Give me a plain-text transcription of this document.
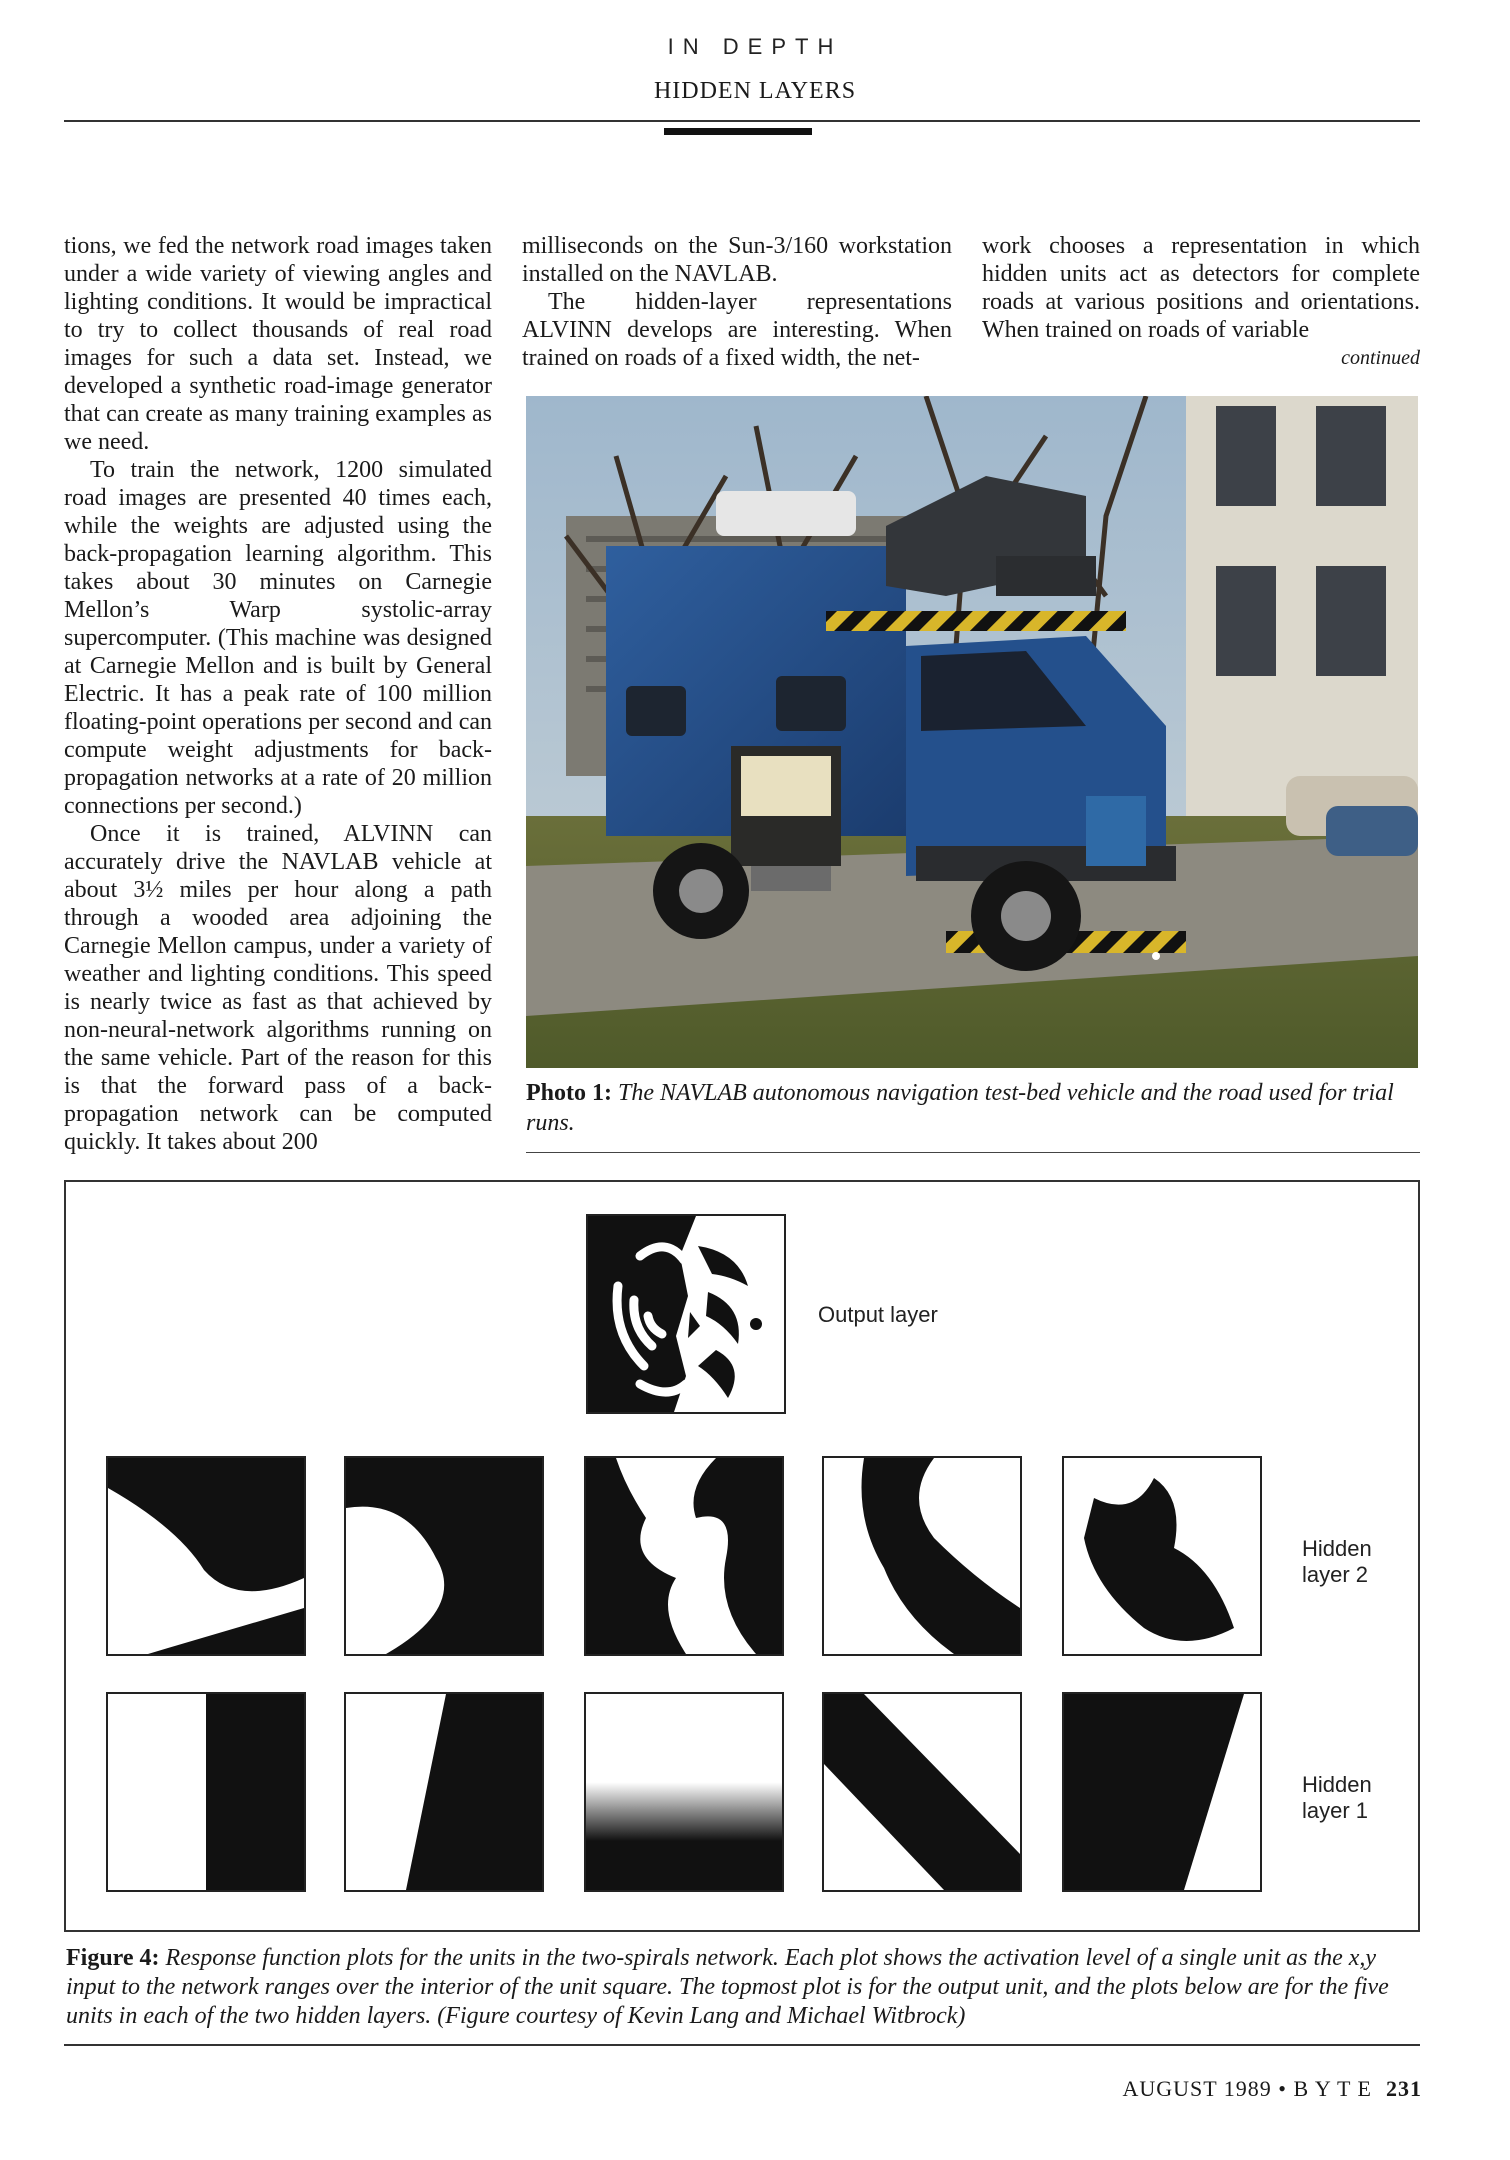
IN DEPTH
HIDDEN LAYERS

tions, we fed the network road images taken under a wide variety of viewing angles and lighting conditions. It would be impractical to try to collect thousands of real road images for such a data set. Instead, we developed a synthetic road-image generator that can create as many training examples as we need.

To train the network, 1200 simulated road images are presented 40 times each, while the weights are adjusted using the back-propagation learning algorithm. This takes about 30 minutes on Carnegie Mellon’s Warp systolic-array supercomputer. (This machine was designed at Carnegie Mellon and is built by General Electric. It has a peak rate of 100 million floating-point operations per second and can compute weight adjustments for back-propagation networks at a rate of 20 million connections per second.)

Once it is trained, ALVINN can accurately drive the NAVLAB vehicle at about 3½ miles per hour along a path through a wooded area adjoining the Carnegie Mellon campus, under a variety of weather and lighting conditions. This speed is nearly twice as fast as that achieved by non-neural-network algorithms running on the same vehicle. Part of the reason for this is that the forward pass of a back-propagation network can be computed quickly. It takes about 200

milliseconds on the Sun-3/160 workstation installed on the NAVLAB.

The hidden-layer representations ALVINN develops are interesting. When trained on roads of a fixed width, the net-

work chooses a representation in which hidden units act as detectors for complete roads at various positions and orientations. When trained on roads of variable

continued
Photo 1: The NAVLAB autonomous navigation test-bed vehicle and the road used for trial runs.
Output layer
Hidden layer 2
Hidden layer 1
Figure 4: Response function plots for the units in the two-spirals network. Each plot shows the activation level of a single unit as the x,y input to the network ranges over the interior of the unit square. The topmost plot is for the output unit, and the plots below are for the five units in each of the two hidden layers. (Figure courtesy of Kevin Lang and Michael Witbrock)
AUGUST 1989 • B Y T E 231
